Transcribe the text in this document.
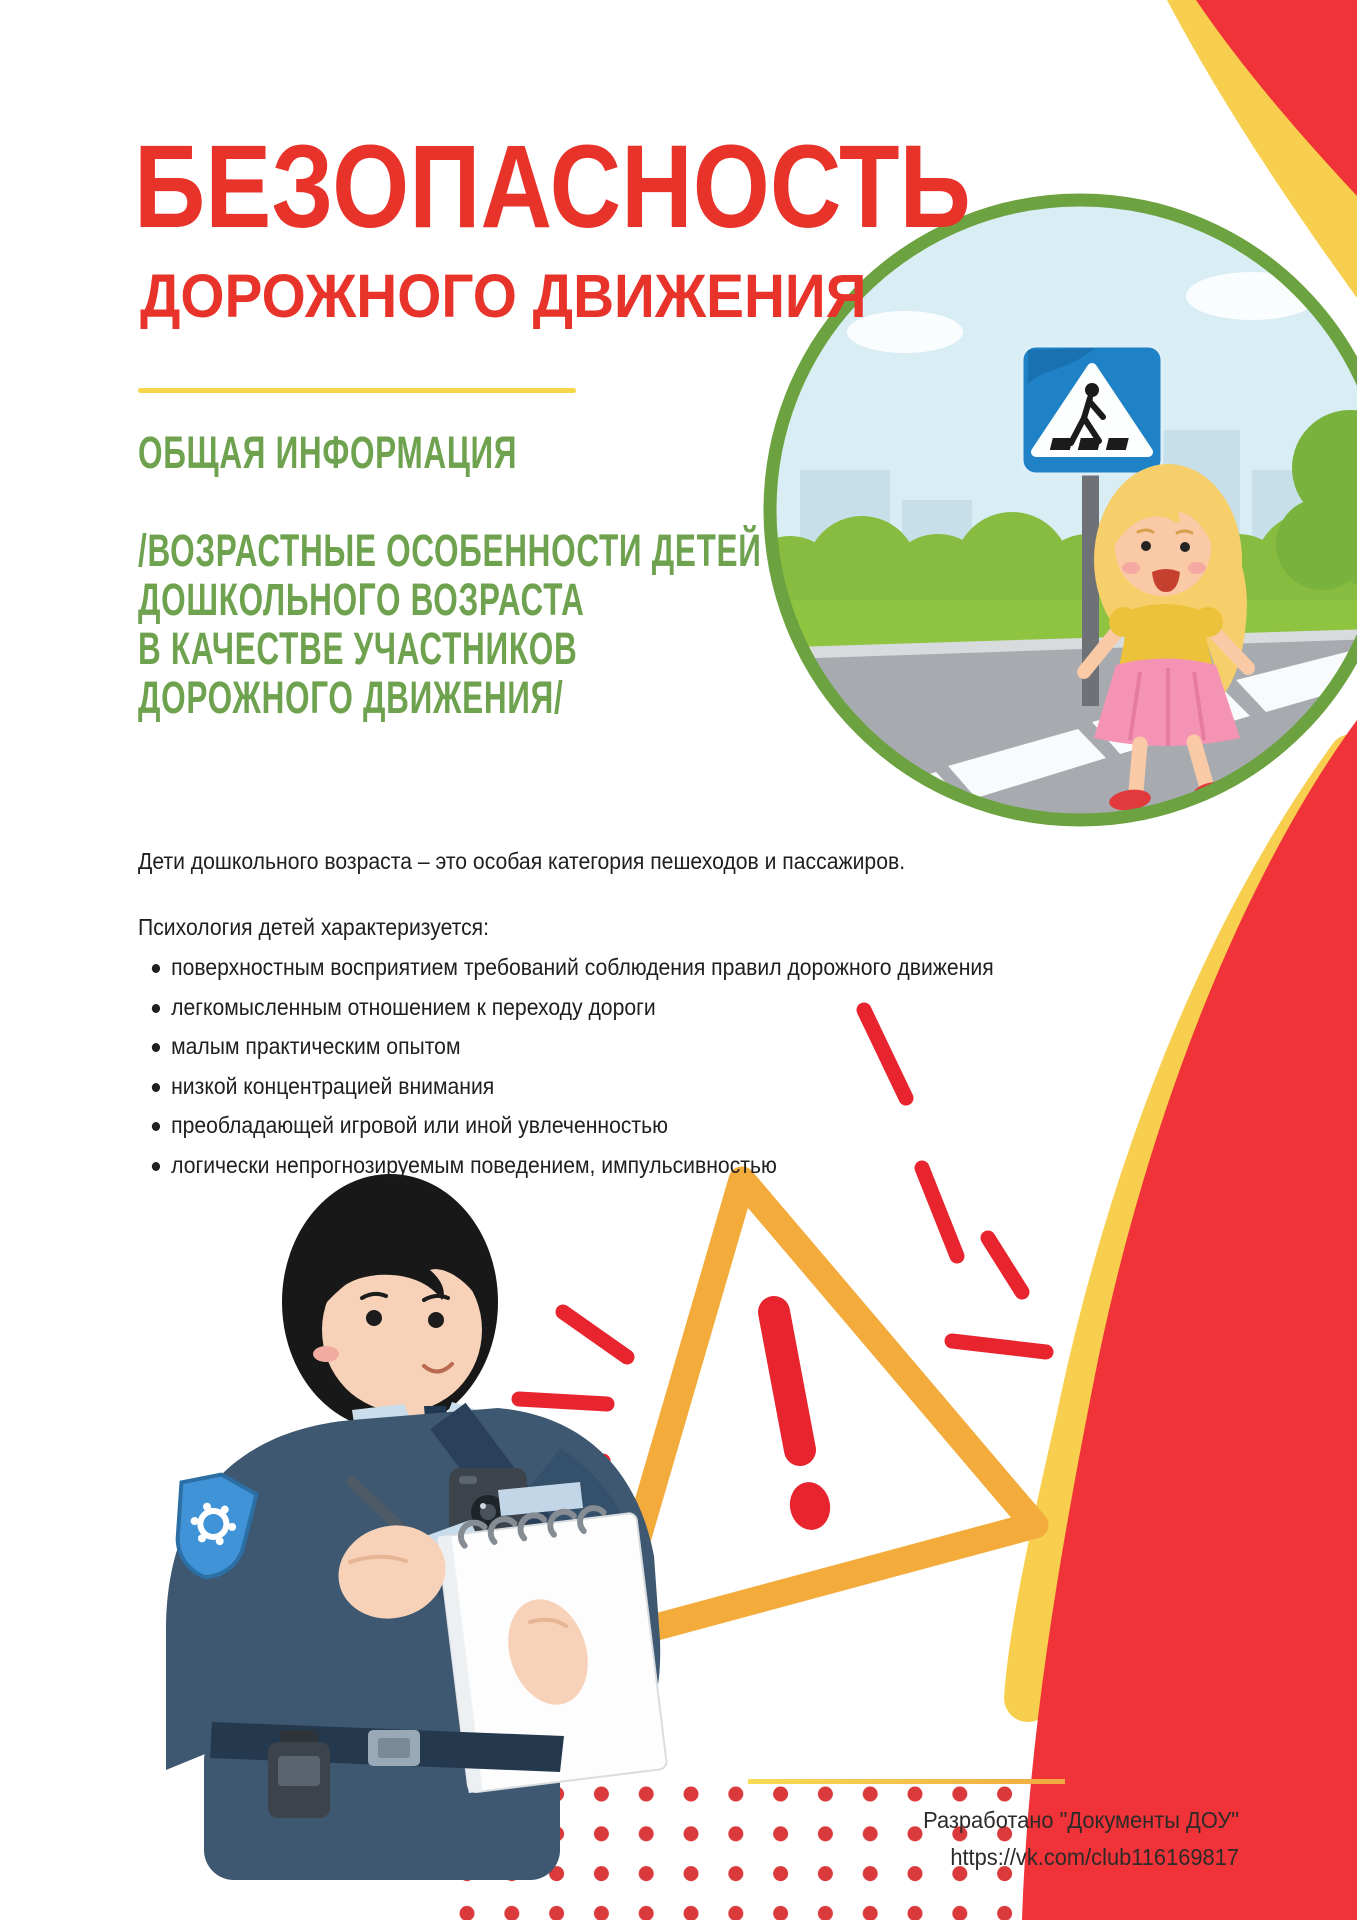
БЕЗОПАСНОСТЬ
ДОРОЖНОГО ДВИЖЕНИЯ
ОБЩАЯ ИНФОРМАЦИЯ
/ВОЗРАСТНЫЕ ОСОБЕННОСТИ ДЕТЕЙ
ДОШКОЛЬНОГО ВОЗРАСТА
В КАЧЕСТВЕ УЧАСТНИКОВ
ДОРОЖНОГО ДВИЖЕНИЯ/
Дети дошкольного возраста – это особая категория пешеходов и пассажиров.
Психология детей характеризуется:
поверхностным восприятием требований соблюдения правил дорожного движения
легкомысленным отношением к переходу дороги
малым практическим опытом
низкой концентрацией внимания
преобладающей игровой или иной увлеченностью
логически непрогнозируемым поведением, импульсивностью
Разработано "Документы ДОУ"
https://vk.com/club116169817
